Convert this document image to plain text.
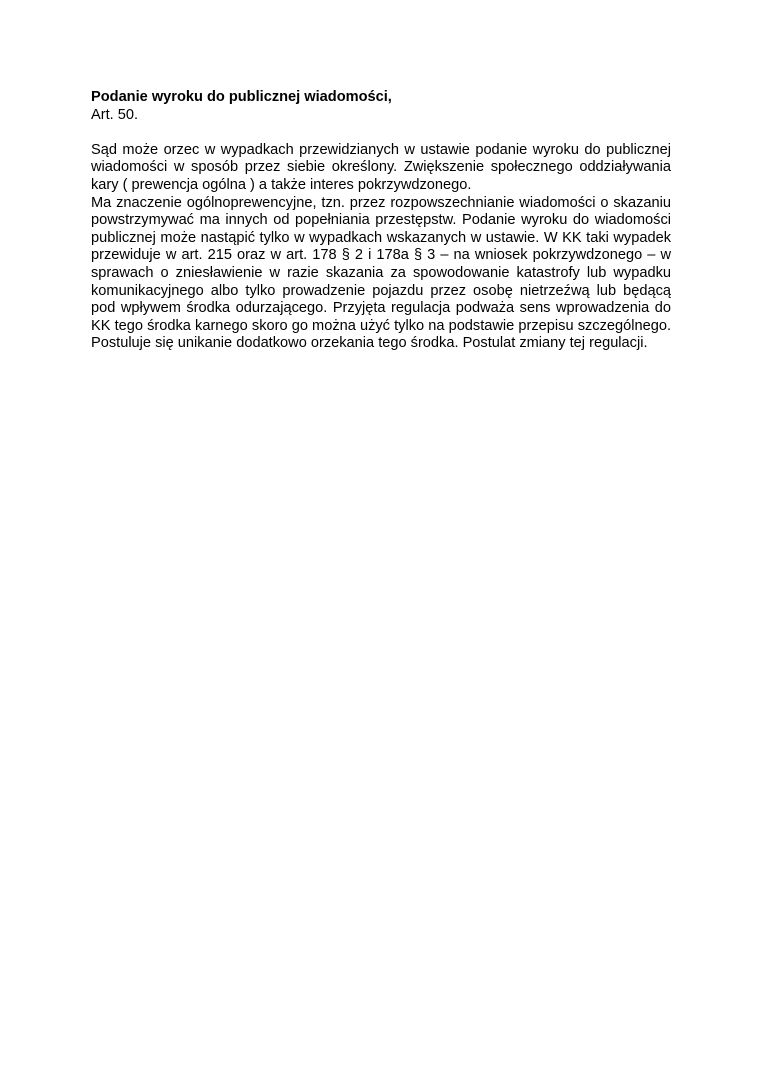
Podanie wyroku do publicznej wiadomości,

Art. 50.

Sąd może orzec w wypadkach przewidzianych w ustawie podanie wyroku do publicznej wiadomości w sposób przez siebie określony. Zwiększenie społecznego oddziaływania kary ( prewencja ogólna ) a także interes pokrzywdzonego.

Ma znaczenie ogólnoprewencyjne, tzn. przez rozpowszechnianie wiadomości o skazaniu powstrzymywać ma innych od popełniania przestępstw. Podanie wyroku do wiadomości publicznej może nastąpić tylko w wypadkach wskazanych w ustawie. W KK taki wypadek przewiduje w art. 215 oraz w art. 178 § 2 i 178a § 3 – na wniosek pokrzywdzonego – w sprawach o zniesławienie w razie skazania za spowodowanie katastrofy lub wypadku komunikacyjnego albo tylko prowadzenie pojazdu przez osobę nietrzeźwą lub będącą pod wpływem środka odurzającego. Przyjęta regulacja podważa sens wprowadzenia do KK tego środka karnego skoro go można użyć tylko na podstawie przepisu szczególnego. Postuluje się unikanie dodatkowo orzekania tego środka. Postulat zmiany tej regulacji.
